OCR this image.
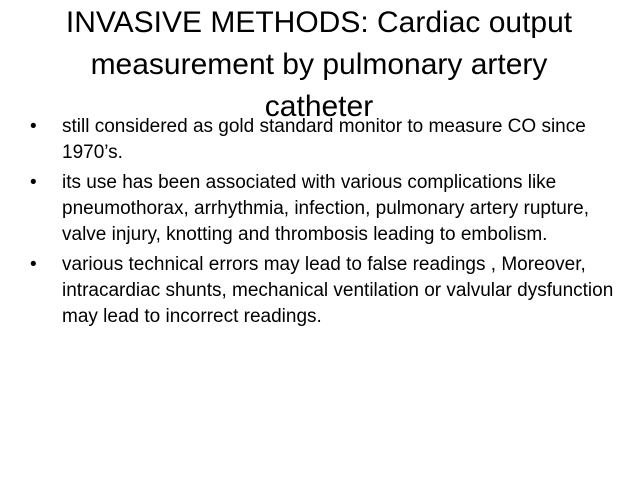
INVASIVE METHODS: Cardiac output measurement by pulmonary artery catheter
•	still considered as gold standard monitor to measure CO since 1970’s.
•	its use has been associated with various complications like pneumothorax, arrhythmia, infection, pulmonary artery rupture, valve injury, knotting and thrombosis leading to embolism.
•	various technical errors may lead to false readings , Moreover, intracardiac shunts, mechanical ventilation or valvular dysfunction may lead to incorrect readings.
